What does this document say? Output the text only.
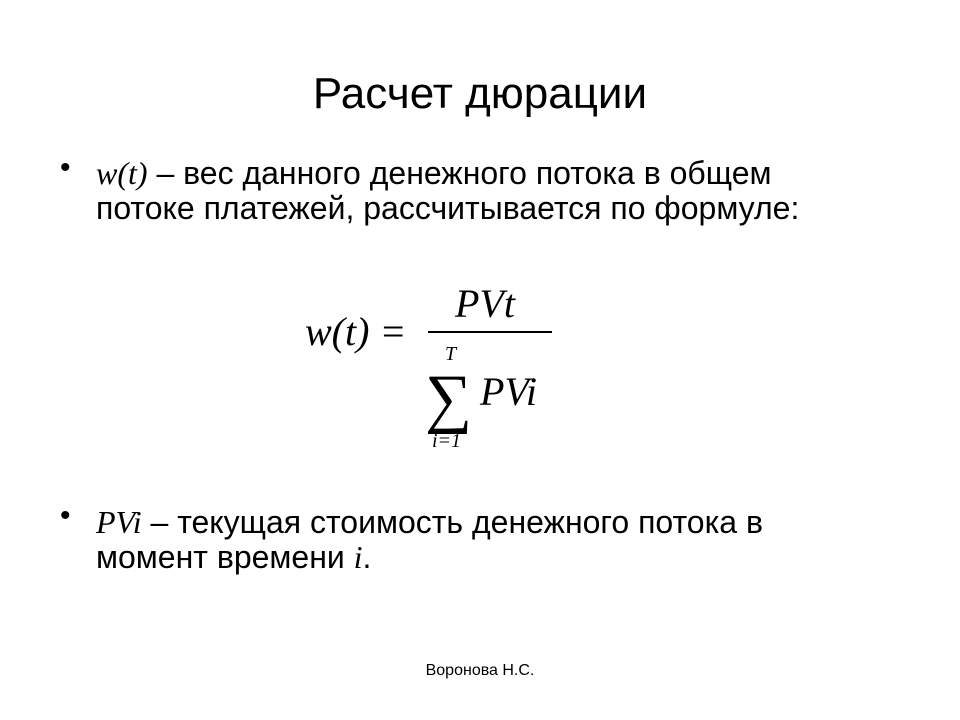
Расчет дюрации
• w(t) – вес данного денежного потока в общем потоке платежей, рассчитывается по формуле:
w(t) =
PVt
T
∑ PVi
i=1
• PVi – текущая стоимость денежного потока в момент времени i.
Воронова Н.С.
